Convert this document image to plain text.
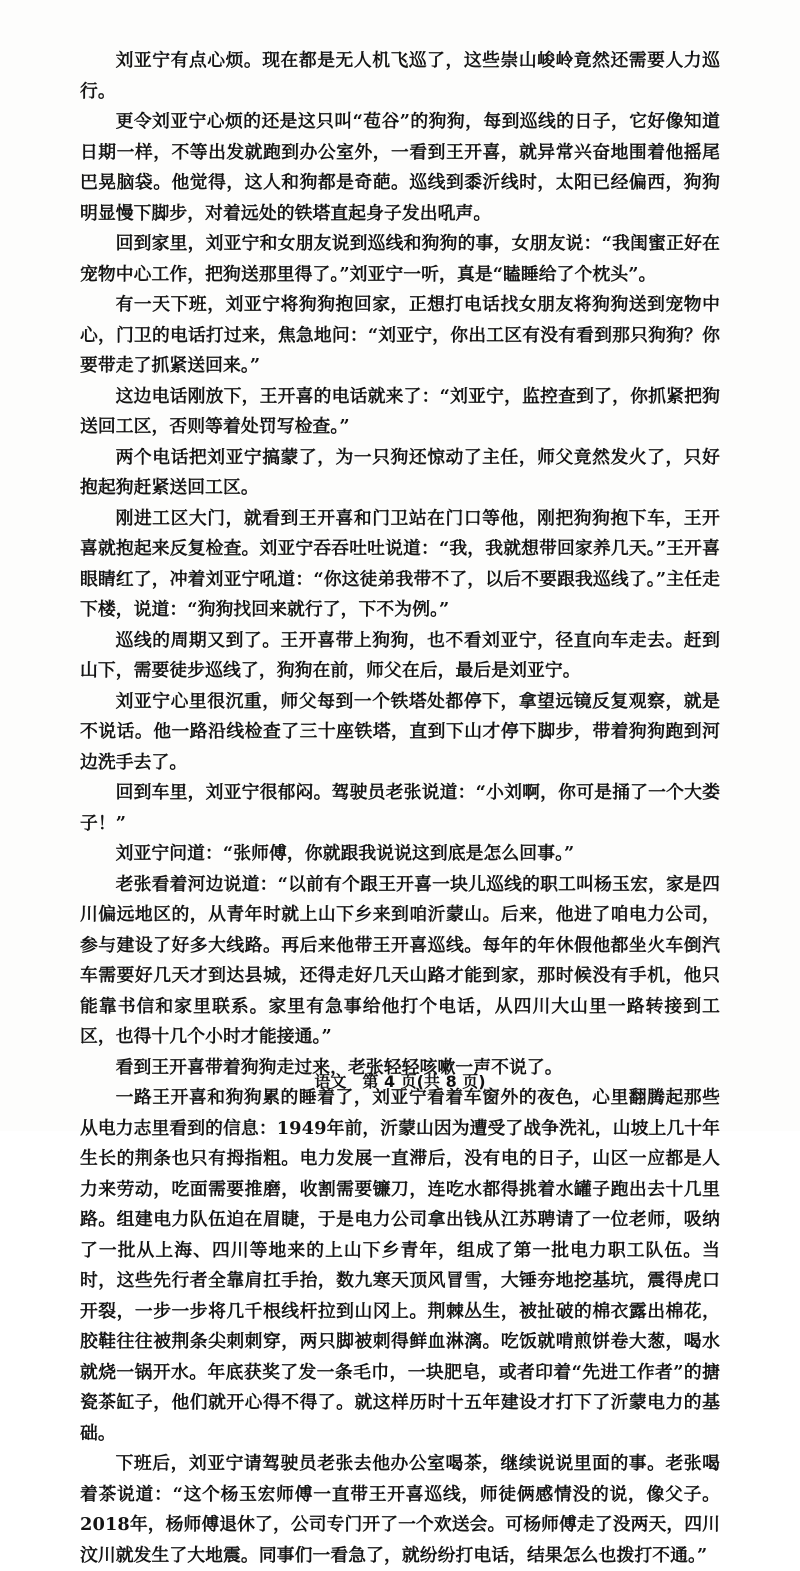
刘亚宁有点心烦。现在都是无人机飞巡了，这些崇山峻岭竟然还需要人力巡行。

更令刘亚宁心烦的还是这只叫“苞谷”的狗狗，每到巡线的日子，它好像知道日期一样，不等出发就跑到办公室外，一看到王开喜，就异常兴奋地围着他摇尾巴晃脑袋。他觉得，这人和狗都是奇葩。巡线到黍沂线时，太阳已经偏西，狗狗明显慢下脚步，对着远处的铁塔直起身子发出吼声。

回到家里，刘亚宁和女朋友说到巡线和狗狗的事，女朋友说：“我闺蜜正好在宠物中心工作，把狗送那里得了。”刘亚宁一听，真是“瞌睡给了个枕头”。

有一天下班，刘亚宁将狗狗抱回家，正想打电话找女朋友将狗狗送到宠物中心，门卫的电话打过来，焦急地问：“刘亚宁，你出工区有没有看到那只狗狗？你要带走了抓紧送回来。”

这边电话刚放下，王开喜的电话就来了：“刘亚宁，监控查到了，你抓紧把狗送回工区，否则等着处罚写检查。”

两个电话把刘亚宁搞蒙了，为一只狗还惊动了主任，师父竟然发火了，只好抱起狗赶紧送回工区。

刚进工区大门，就看到王开喜和门卫站在门口等他，刚把狗狗抱下车，王开喜就抱起来反复检查。刘亚宁吞吞吐吐说道：“我，我就想带回家养几天。”王开喜眼睛红了，冲着刘亚宁吼道：“你这徒弟我带不了，以后不要跟我巡线了。”主任走下楼，说道：“狗狗找回来就行了，下不为例。”

巡线的周期又到了。王开喜带上狗狗，也不看刘亚宁，径直向车走去。赶到山下，需要徒步巡线了，狗狗在前，师父在后，最后是刘亚宁。

刘亚宁心里很沉重，师父每到一个铁塔处都停下，拿望远镜反复观察，就是不说话。他一路沿线检查了三十座铁塔，直到下山才停下脚步，带着狗狗跑到河边洗手去了。

回到车里，刘亚宁很郁闷。驾驶员老张说道：“小刘啊，你可是捅了一个大娄子！”

刘亚宁问道：“张师傅，你就跟我说说这到底是怎么回事。”

老张看着河边说道：“以前有个跟王开喜一块儿巡线的职工叫杨玉宏，家是四川偏远地区的，从青年时就上山下乡来到咱沂蒙山。后来，他进了咱电力公司，参与建设了好多大线路。再后来他带王开喜巡线。每年的年休假他都坐火车倒汽车需要好几天才到达县城，还得走好几天山路才能到家，那时候没有手机，他只能靠书信和家里联系。家里有急事给他打个电话，从四川大山里一路转接到工区，也得十几个小时才能接通。”

看到王开喜带着狗狗走过来，老张轻轻咳嗽一声不说了。

一路王开喜和狗狗累的睡着了，刘亚宁看着车窗外的夜色，心里翻腾起那些从电力志里看到的信息：1949年前，沂蒙山因为遭受了战争洗礼，山坡上几十年生长的荆条也只有拇指粗。电力发展一直滞后，没有电的日子，山区一应都是人力来劳动，吃面需要推磨，收割需要镰刀，连吃水都得挑着水罐子跑出去十几里路。组建电力队伍迫在眉睫，于是电力公司拿出钱从江苏聘请了一位老师，吸纳了一批从上海、四川等地来的上山下乡青年，组成了第一批电力职工队伍。当时，这些先行者全靠肩扛手抬，数九寒天顶风冒雪，大锤夯地挖基坑，震得虎口开裂，一步一步将几千根线杆拉到山冈上。荆棘丛生，被扯破的棉衣露出棉花，胶鞋往往被荆条尖刺刺穿，两只脚被刺得鲜血淋漓。吃饭就啃煎饼卷大葱，喝水就烧一锅开水。年底获奖了发一条毛巾，一块肥皂，或者印着“先进工作者”的搪瓷茶缸子，他们就开心得不得了。就这样历时十五年建设才打下了沂蒙电力的基础。

下班后，刘亚宁请驾驶员老张去他办公室喝茶，继续说说里面的事。老张喝着茶说道：“这个杨玉宏师傅一直带王开喜巡线，师徒俩感情没的说，像父子。2018年，杨师傅退休了，公司专门开了一个欢送会。可杨师傅走了没两天，四川汶川就发生了大地震。同事们一看急了，就纷纷打电话，结果怎么也拨打不通。”

语文　第 4 页(共 8 页)
